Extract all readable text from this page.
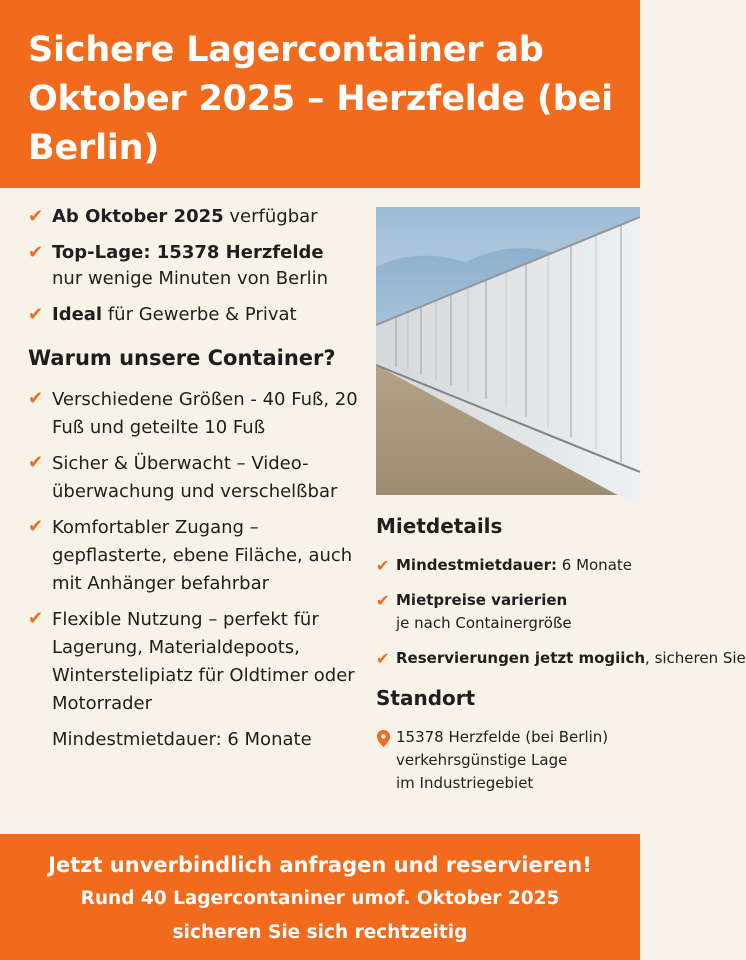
Sichere Lagercontainer ab Oktober 2025 – Herzfelde (bei Berlin)
✔ Ab Oktober 2025 verfügbar
✔ Top-Lage: 15378 Herzfelde
nur wenige Minuten von Berlin
✔ Ideal für Gewerbe & Privat
Warum unsere Container?
✔ Verschiedene Größen - 40 Fuß, 20 Fuß und geteilte 10 Fuß
✔ Sicher & Überwacht – Video-überwachung und verschelßbar
✔ Komfortabler Zugang – gepflasterte, ebene Filäche, auch mit Anhänger befahrbar
✔ Flexible Nutzung – perfekt für Lagerung, Materialdepoots, Winterstelipiatz für Oldtimer oder Motorrader
Mindestmietdauer: 6 Monate
Mietdetails
✔ Mindestmietdauer: 6 Monate
✔ Mietpreise varierien
je nach Containergröße
✔ Reservierungen jetzt mogiich, sicheren Sie
Standort
15378 Herzfelde (bei Berlin)
verkehrsgünstige Lage
im Industriegebiet
Jetzt unverbindlich anfragen und reservieren!
Rund 40 Lagercontaniner umof. Oktober 2025
sicheren Sie sich rechtzeitig
